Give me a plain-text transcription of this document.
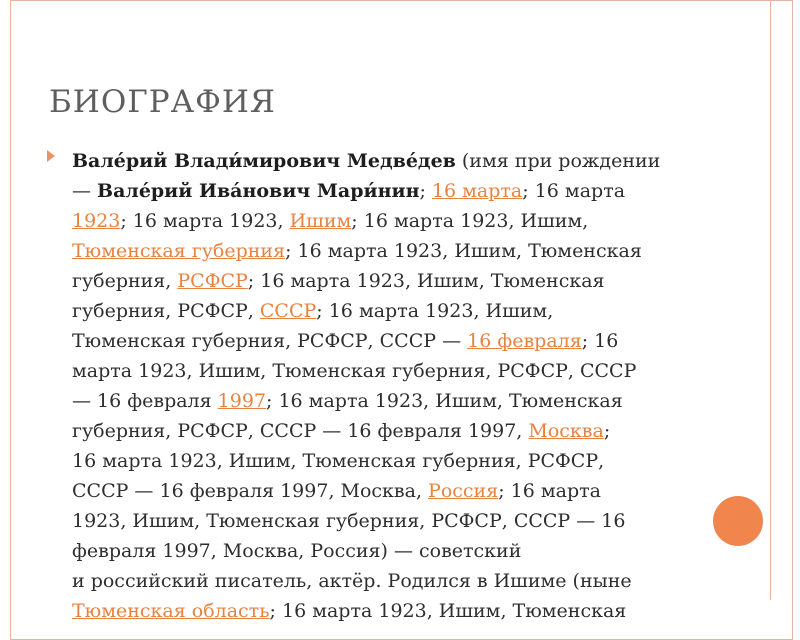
БИОГРАФИЯ

Вале́рий Влади́мирович Медве́дев (имя при рождении
— Вале́рий Ива́нович Мари́нин; 16 марта; 16 марта
1923; 16 марта 1923, Ишим; 16 марта 1923, Ишим,
Тюменская губерния; 16 марта 1923, Ишим, Тюменская
губерния, РСФСР; 16 марта 1923, Ишим, Тюменская
губерния, РСФСР, СССР; 16 марта 1923, Ишим,
Тюменская губерния, РСФСР, СССР — 16 февраля; 16
марта 1923, Ишим, Тюменская губерния, РСФСР, СССР
— 16 февраля 1997; 16 марта 1923, Ишим, Тюменская
губерния, РСФСР, СССР — 16 февраля 1997, Москва;
16 марта 1923, Ишим, Тюменская губерния, РСФСР,
СССР — 16 февраля 1997, Москва, Россия; 16 марта
1923, Ишим, Тюменская губерния, РСФСР, СССР — 16
февраля 1997, Москва, Россия) — советский
и российский писатель, актёр. Родился в Ишиме (ныне
Тюменская область; 16 марта 1923, Ишим, Тюменская
